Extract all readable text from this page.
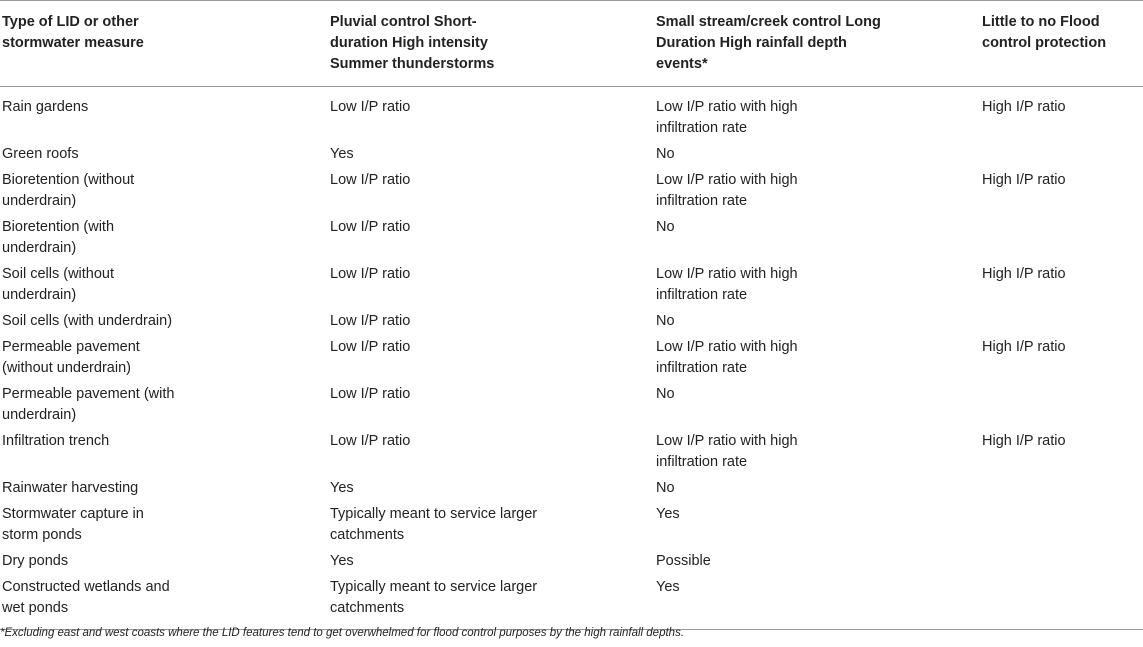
Type of LID or other stormwater measure	Pluvial control Short-duration High intensity Summer thunderstorms	Small stream/creek control Long Duration High rainfall depth events*	Little to no Flood control protection
Rain gardens	Low I/P ratio	Low I/P ratio with high infiltration rate	High I/P ratio
Green roofs	Yes	No	
Bioretention (without underdrain)	Low I/P ratio	Low I/P ratio with high infiltration rate	High I/P ratio
Bioretention (with underdrain)	Low I/P ratio	No	
Soil cells (without underdrain)	Low I/P ratio	Low I/P ratio with high infiltration rate	High I/P ratio
Soil cells (with underdrain)	Low I/P ratio	No	
Permeable pavement (without underdrain)	Low I/P ratio	Low I/P ratio with high infiltration rate	High I/P ratio
Permeable pavement (with underdrain)	Low I/P ratio	No	
Infiltration trench	Low I/P ratio	Low I/P ratio with high infiltration rate	High I/P ratio
Rainwater harvesting	Yes	No	
Stormwater capture in storm ponds	Typically meant to service larger catchments	Yes	
Dry ponds	Yes	Possible	
Constructed wetlands and wet ponds	Typically meant to service larger catchments	Yes	
*Excluding east and west coasts where the LID features tend to get overwhelmed for flood control purposes by the high rainfall depths.
